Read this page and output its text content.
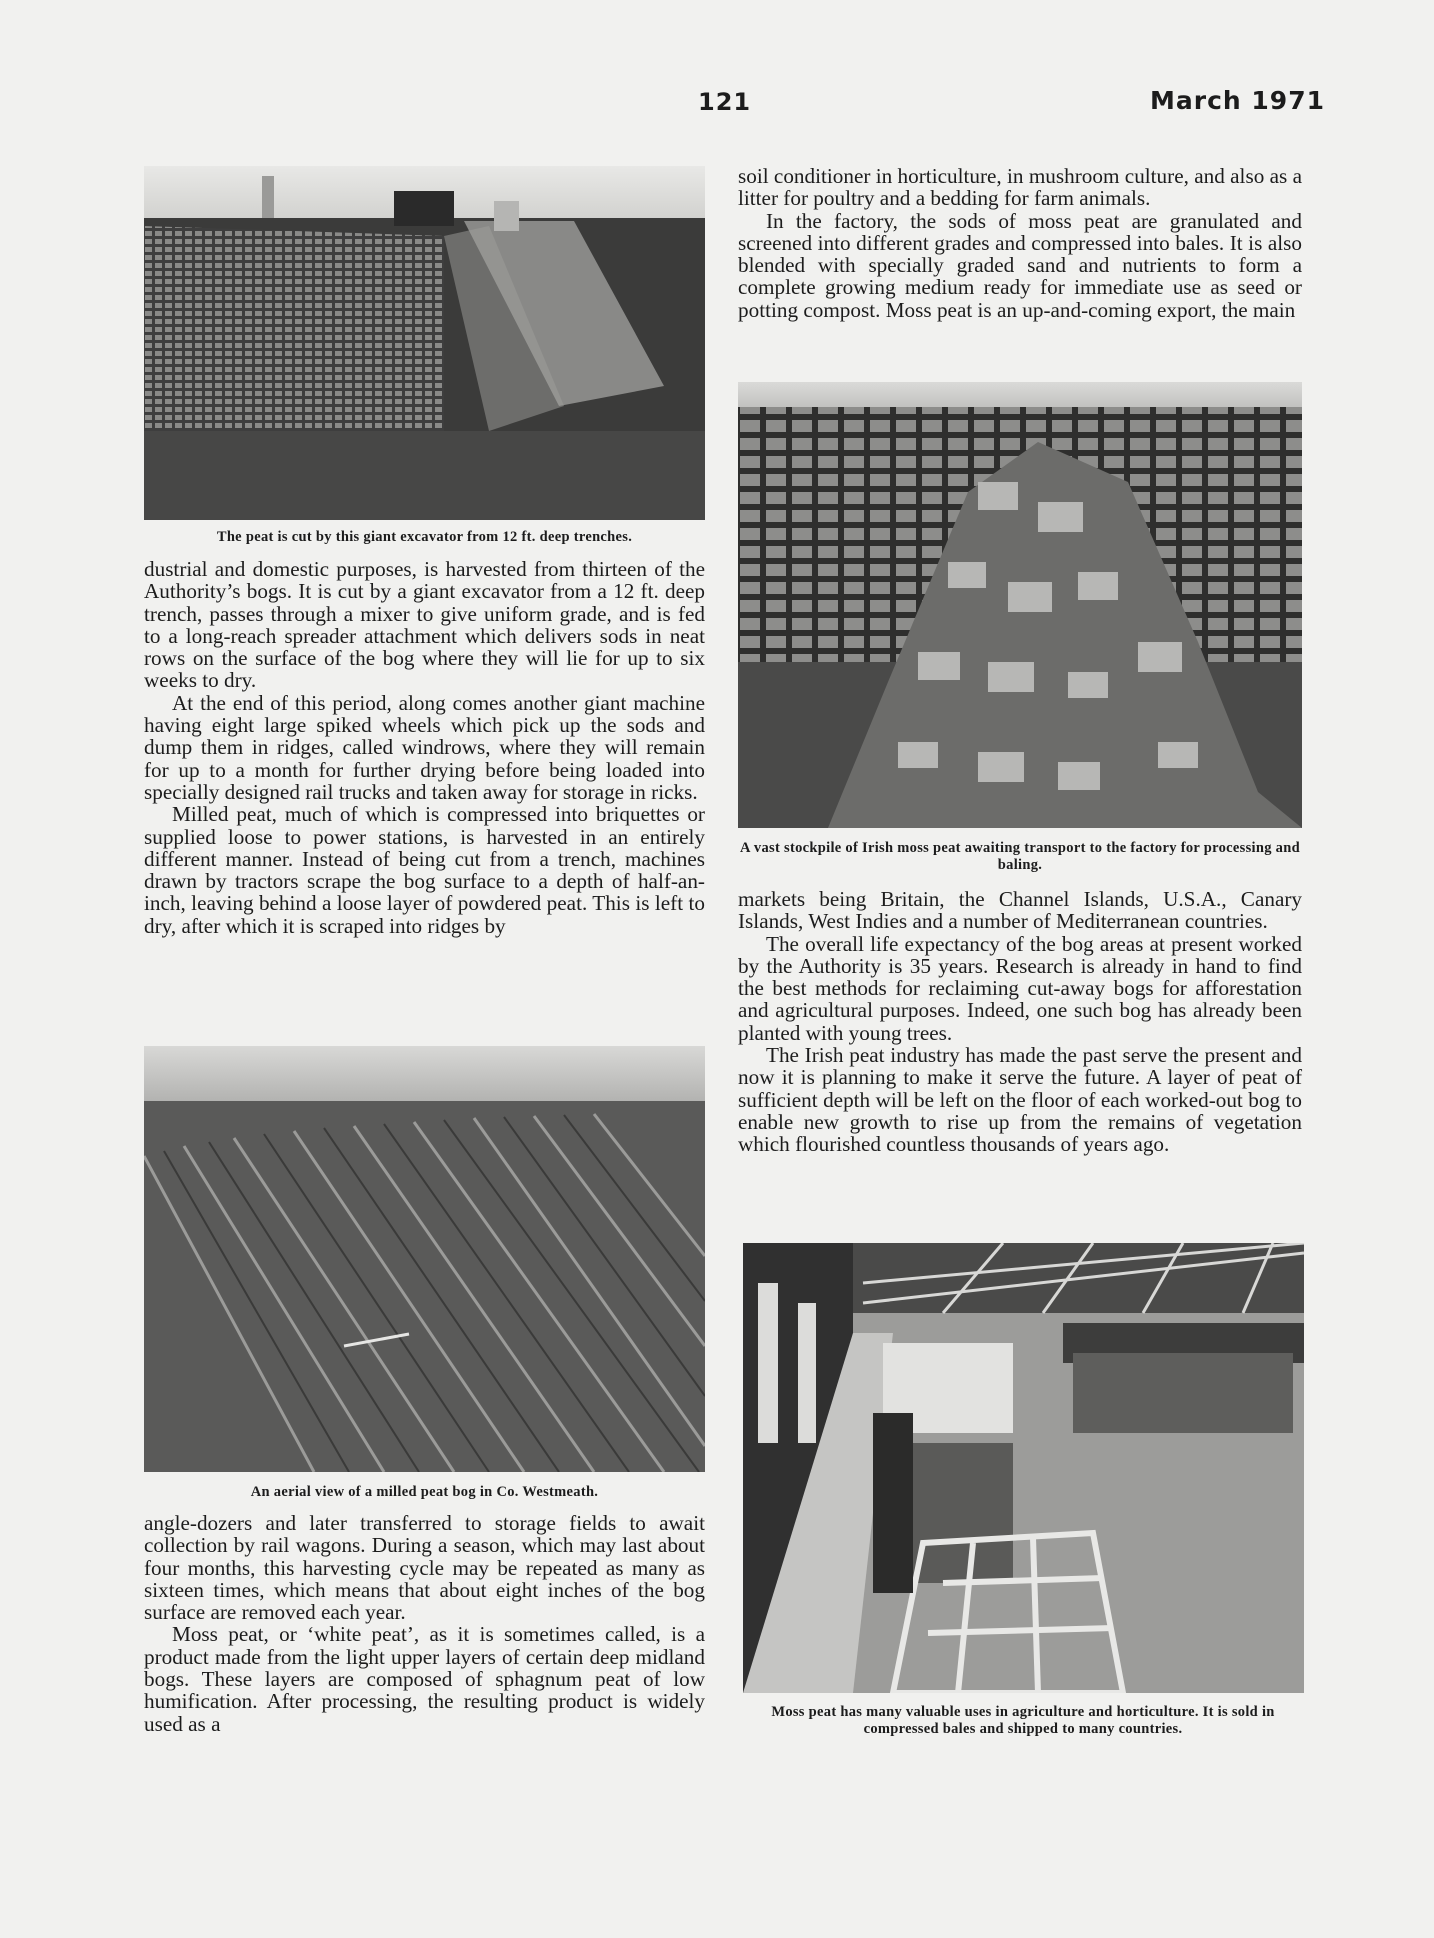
121	March 1971
The peat is cut by this giant excavator from 12 ft. deep trenches.

dustrial and domestic purposes, is harvested from thirteen of the Authority’s bogs. It is cut by a giant excavator from a 12 ft. deep trench, passes through a mixer to give uniform grade, and is fed to a long-reach spreader attachment which delivers sods in neat rows on the surface of the bog where they will lie for up to six weeks to dry.

At the end of this period, along comes another giant machine having eight large spiked wheels which pick up the sods and dump them in ridges, called windrows, where they will remain for up to a month for further drying before being loaded into specially designed rail trucks and taken away for storage in ricks.

Milled peat, much of which is compressed into briquettes or supplied loose to power stations, is harvested in an entirely different manner. Instead of being cut from a trench, machines drawn by tractors scrape the bog surface to a depth of half-an-inch, leaving behind a loose layer of powdered peat. This is left to dry, after which it is scraped into ridges by

An aerial view of a milled peat bog in Co. Westmeath.

angle-dozers and later transferred to storage fields to await collection by rail wagons. During a season, which may last about four months, this harvesting cycle may be repeated as many as sixteen times, which means that about eight inches of the bog surface are removed each year.

Moss peat, or ‘white peat’, as it is sometimes called, is a product made from the light upper layers of certain deep midland bogs. These layers are composed of sphagnum peat of low humification. After processing, the resulting product is widely used as a

soil conditioner in horticulture, in mushroom culture, and also as a litter for poultry and a bedding for farm animals.

In the factory, the sods of moss peat are granulated and screened into different grades and compressed into bales. It is also blended with specially graded sand and nutrients to form a complete growing medium ready for immediate use as seed or potting compost. Moss peat is an up-and-coming export, the main

A vast stockpile of Irish moss peat awaiting transport to the factory for processing and baling.

markets being Britain, the Channel Islands, U.S.A., Canary Islands, West Indies and a number of Mediterranean countries.

The overall life expectancy of the bog areas at present worked by the Authority is 35 years. Research is already in hand to find the best methods for reclaiming cut-away bogs for afforestation and agricultural purposes. Indeed, one such bog has already been planted with young trees.

The Irish peat industry has made the past serve the present and now it is planning to make it serve the future. A layer of peat of sufficient depth will be left on the floor of each worked-out bog to enable new growth to rise up from the remains of vegetation which flourished countless thousands of years ago.

Moss peat has many valuable uses in agriculture and horticulture. It is sold in compressed bales and shipped to many countries.
